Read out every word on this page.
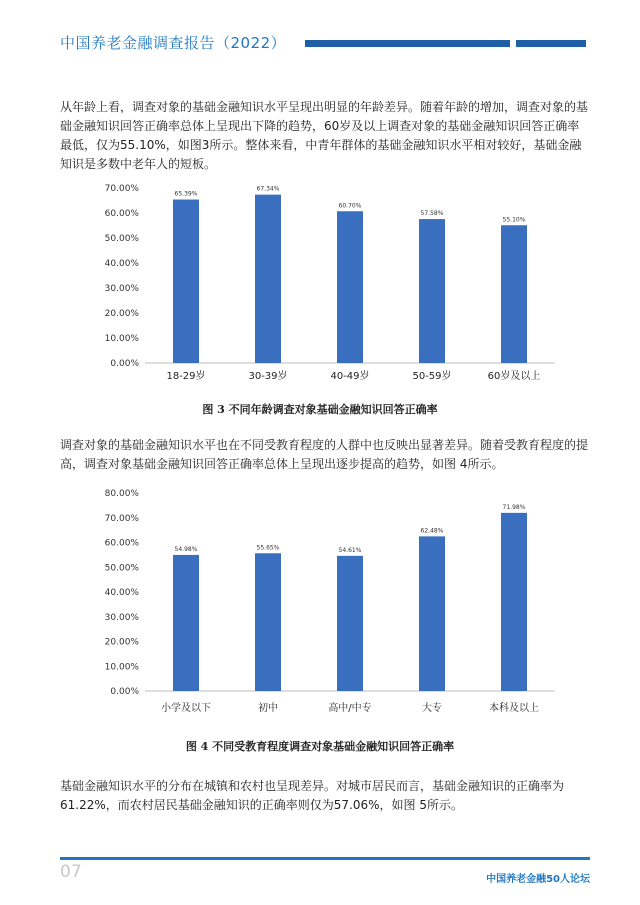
中国养老金融调查报告（2022）
从年龄上看，调查对象的基础金融知识水平呈现出明显的年龄差异。随着年龄的增加，调查对象的基础金融知识回答正确率总体上呈现出下降的趋势，60岁及以上调查对象的基础金融知识回答正确率最低，仅为55.10%，如图3所示。整体来看，中青年群体的基础金融知识水平相对较好，基础金融知识是多数中老年人的短板。
0.00%
10.00%
20.00%
30.00%
40.00%
50.00%
60.00%
70.00%
65.39%
18-29岁
67.34%
30-39岁
60.70%
40-49岁
57.58%
50-59岁
55.10%
60岁及以上
图 3 不同年龄调查对象基础金融知识回答正确率
调查对象的基础金融知识水平也在不同受教育程度的人群中也反映出显著差异。随着受教育程度的提高，调查对象基础金融知识回答正确率总体上呈现出逐步提高的趋势，如图 4所示。
0.00%
10.00%
20.00%
30.00%
40.00%
50.00%
60.00%
70.00%
80.00%
54.98%
小学及以下
55.65%
初中
54.61%
高中/中专
62.48%
大专
71.98%
本科及以上
图 4 不同受教育程度调查对象基础金融知识回答正确率
基础金融知识水平的分布在城镇和农村也呈现差异。对城市居民而言，基础金融知识的正确率为61.22%，而农村居民基础金融知识的正确率则仅为57.06%，如图 5所示。
07	中国养老金融50人论坛
